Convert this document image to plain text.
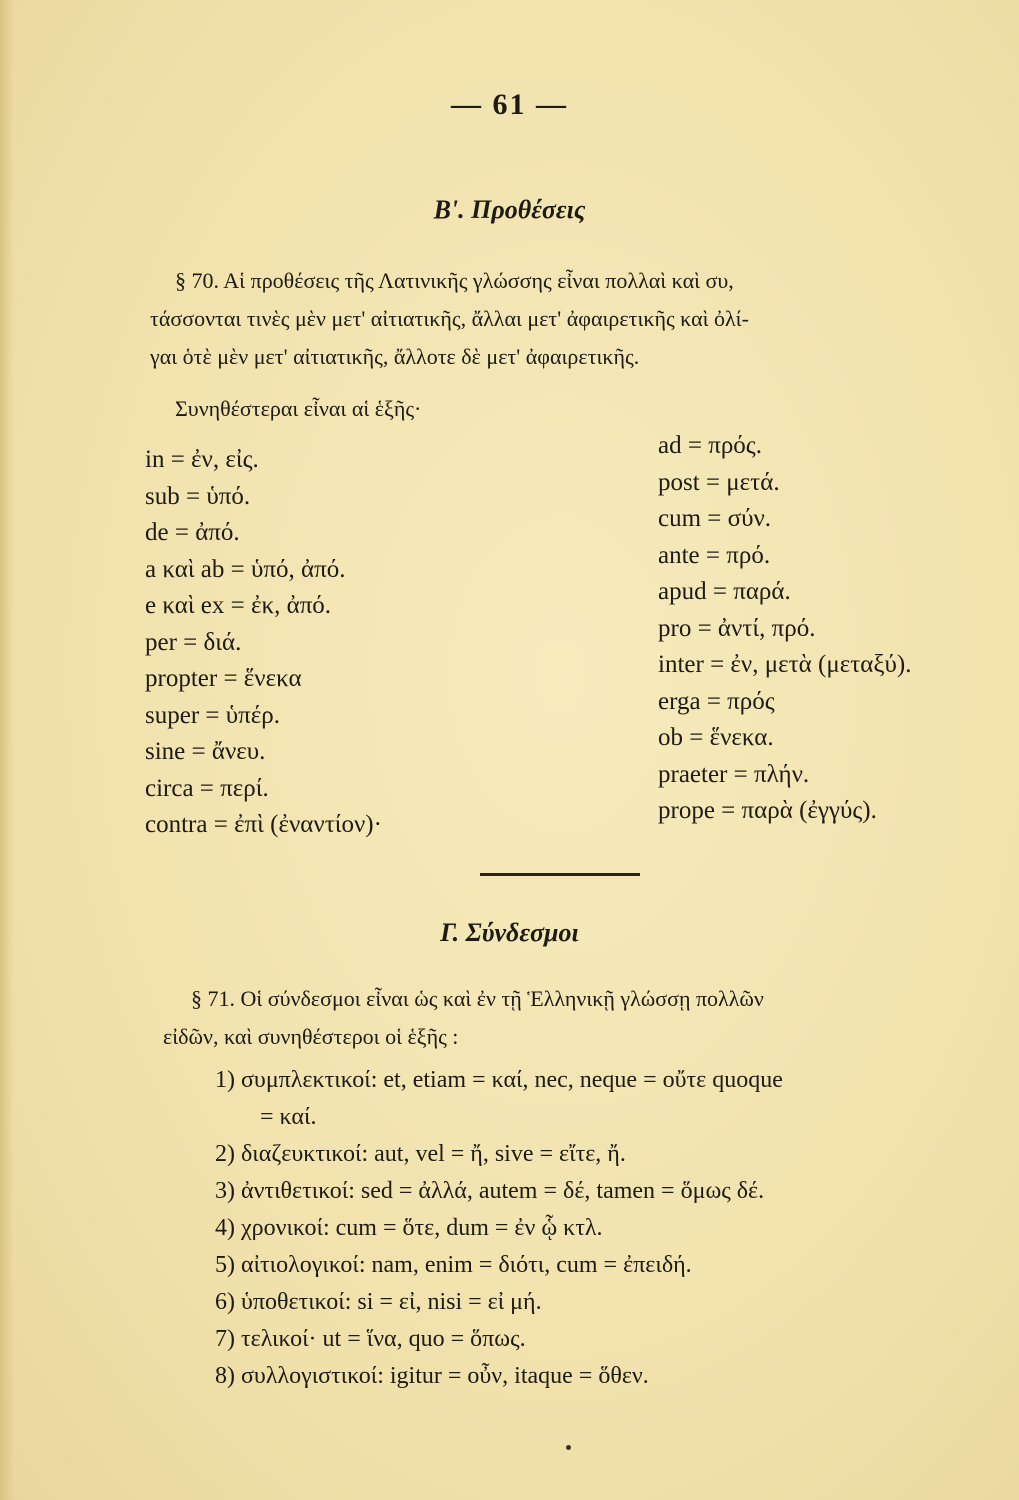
— 61 —
Β'. Προθέσεις
§ 70. Αἱ προθέσεις τῆς Λατινικῆς γλώσσης εἶναι πολλαὶ καὶ συ,
τάσσονται τινὲς μὲν μετ' αἰτιατικῆς, ἄλλαι μετ' ἀφαιρετικῆς καὶ ὀλί-
γαι ὁτὲ μὲν μετ' αἰτιατικῆς, ἄλλοτε δὲ μετ' ἀφαιρετικῆς.
Συνηθέστεραι εἶναι αἱ ἑξῆς·
in = ἐν, εἰς.
sub = ὑπό.
de = ἀπό.
a καὶ ab = ὑπό, ἀπό.
e καὶ ex = ἐκ, ἀπό.
per = διά.
propter = ἕνεκα
super = ὑπέρ.
sine = ἄνευ.
circa = περί.
contra = ἐπὶ (ἐναντίον)·
ad = πρός.
post = μετά.
cum = σύν.
ante = πρό.
apud = παρά.
pro = ἀντί, πρό.
inter = ἐν, μετὰ (μεταξύ).
erga = πρός
ob = ἕνεκα.
praeter = πλήν.
prope = παρὰ (ἐγγύς).
Γ. Σύνδεσμοι
§ 71. Οἱ σύνδεσμοι εἶναι ὡς καὶ ἐν τῇ Ἑλληνικῇ γλώσσῃ πολλῶν
εἰδῶν, καὶ συνηθέστεροι οἱ ἑξῆς :
1) συμπλεκτικοί: et, etiam = καί, nec, neque = οὔτε quoque
= καί.
2) διαζευκτικοί: aut, vel = ἤ, sive = εἴτε, ἤ.
3) ἀντιθετικοί: sed = ἀλλά, autem = δέ, tamen = ὅμως δέ.
4) χρονικοί: cum = ὅτε, dum = ἐν ᾧ κτλ.
5) αἰτιολογικοί: nam, enim = διότι, cum = ἐπειδή.
6) ὑποθετικοί: si = εἰ, nisi = εἰ μή.
7) τελικοί· ut = ἵνα, quo = ὅπως.
8) συλλογιστικοί: igitur = οὖν, itaque = ὅθεν.
